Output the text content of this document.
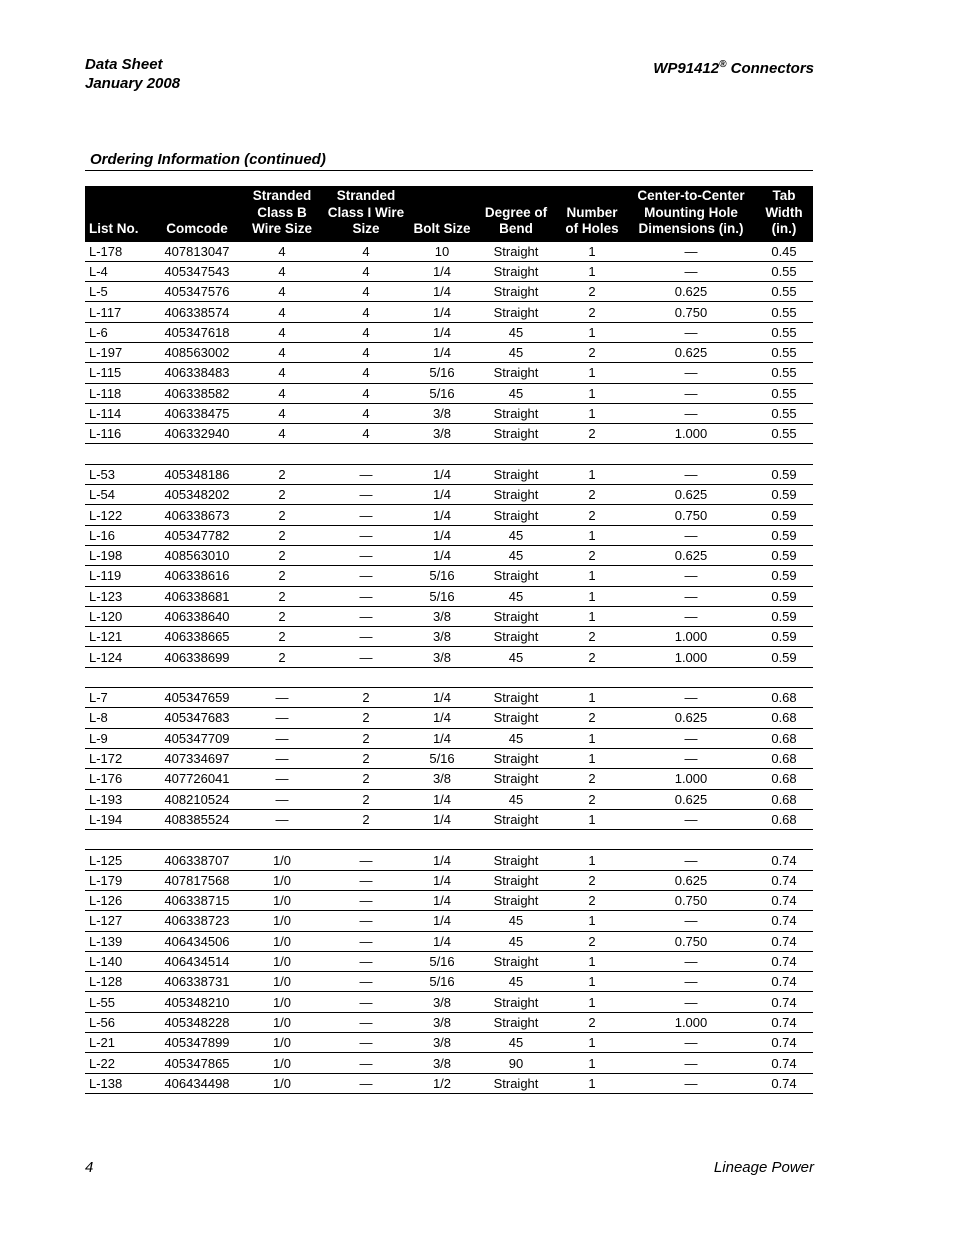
Data Sheet
January 2008
WP91412® Connectors
Ordering Information (continued)
List No.	Comcode	Stranded Class B Wire Size	Stranded Class I Wire Size	Bolt Size	Degree of Bend	Number of Holes	Center-to-Center Mounting Hole Dimensions (in.)	Tab Width (in.)
L-178	407813047	4	4	10	Straight	1	—	0.45
L-4	405347543	4	4	1/4	Straight	1	—	0.55
L-5	405347576	4	4	1/4	Straight	2	0.625	0.55
L-117	406338574	4	4	1/4	Straight	2	0.750	0.55
L-6	405347618	4	4	1/4	45	1	—	0.55
L-197	408563002	4	4	1/4	45	2	0.625	0.55
L-115	406338483	4	4	5/16	Straight	1	—	0.55
L-118	406338582	4	4	5/16	45	1	—	0.55
L-114	406338475	4	4	3/8	Straight	1	—	0.55
L-116	406332940	4	4	3/8	Straight	2	1.000	0.55

L-53	405348186	2	—	1/4	Straight	1	—	0.59
L-54	405348202	2	—	1/4	Straight	2	0.625	0.59
L-122	406338673	2	—	1/4	Straight	2	0.750	0.59
L-16	405347782	2	—	1/4	45	1	—	0.59
L-198	408563010	2	—	1/4	45	2	0.625	0.59
L-119	406338616	2	—	5/16	Straight	1	—	0.59
L-123	406338681	2	—	5/16	45	1	—	0.59
L-120	406338640	2	—	3/8	Straight	1	—	0.59
L-121	406338665	2	—	3/8	Straight	2	1.000	0.59
L-124	406338699	2	—	3/8	45	2	1.000	0.59

L-7	405347659	—	2	1/4	Straight	1	—	0.68
L-8	405347683	—	2	1/4	Straight	2	0.625	0.68
L-9	405347709	—	2	1/4	45	1	—	0.68
L-172	407334697	—	2	5/16	Straight	1	—	0.68
L-176	407726041	—	2	3/8	Straight	2	1.000	0.68
L-193	408210524	—	2	1/4	45	2	0.625	0.68
L-194	408385524	—	2	1/4	Straight	1	—	0.68

L-125	406338707	1/0	—	1/4	Straight	1	—	0.74
L-179	407817568	1/0	—	1/4	Straight	2	0.625	0.74
L-126	406338715	1/0	—	1/4	Straight	2	0.750	0.74
L-127	406338723	1/0	—	1/4	45	1	—	0.74
L-139	406434506	1/0	—	1/4	45	2	0.750	0.74
L-140	406434514	1/0	—	5/16	Straight	1	—	0.74
L-128	406338731	1/0	—	5/16	45	1	—	0.74
L-55	405348210	1/0	—	3/8	Straight	1	—	0.74
L-56	405348228	1/0	—	3/8	Straight	2	1.000	0.74
L-21	405347899	1/0	—	3/8	45	1	—	0.74
L-22	405347865	1/0	—	3/8	90	1	—	0.74
L-138	406434498	1/0	—	1/2	Straight	1	—	0.74
4	Lineage Power
